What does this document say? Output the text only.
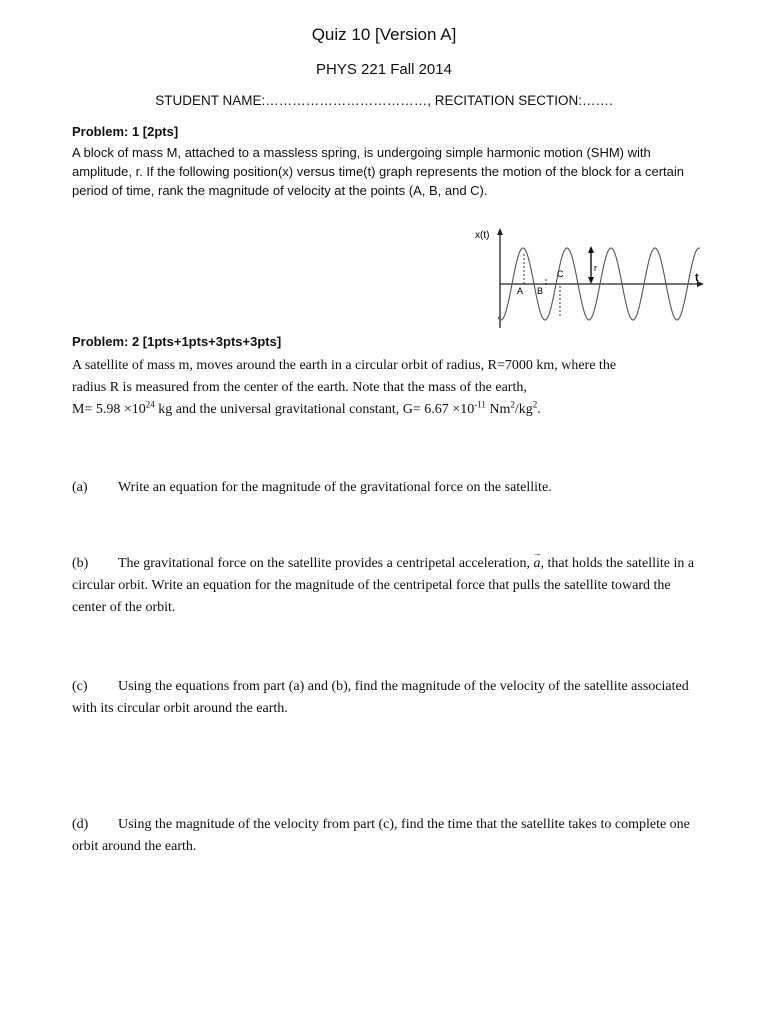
Quiz 10 [Version A]
PHYS 221 Fall 2014
STUDENT NAME:………………………………, RECITATION SECTION:…….
Problem: 1 [2pts]
A block of mass M, attached to a massless spring, is undergoing simple harmonic motion (SHM) with amplitude, r. If the following position(x) versus time(t) graph represents the motion of the block for a certain period of time, rank the magnitude of velocity at the points (A, B, and C).
x(t)
t
A B
C
r
Problem: 2 [1pts+1pts+3pts+3pts]
A satellite of mass m, moves around the earth in a circular orbit of radius, R=7000 km, where the
radius R is measured from the center of the earth. Note that the mass of the earth,
$M= 5.98 \times 10^{24}$ kg and the universal gravitational constant, $G= 6.67 \times 10^{-11}$ $Nm^2/kg^2$.
(a) Write an equation for the magnitude of the gravitational force on the satellite.
(b) The gravitational force on the satellite provides a centripetal acceleration, → a, that holds the satellite in a circular orbit. Write an equation for the magnitude of the centripetal force that pulls the satellite toward the center of the orbit.
(c) Using the equations from part (a) and (b), find the magnitude of the velocity of the satellite associated with its circular orbit around the earth.
(d) Using the magnitude of the velocity from part (c), find the time that the satellite takes to complete one orbit around the earth.
